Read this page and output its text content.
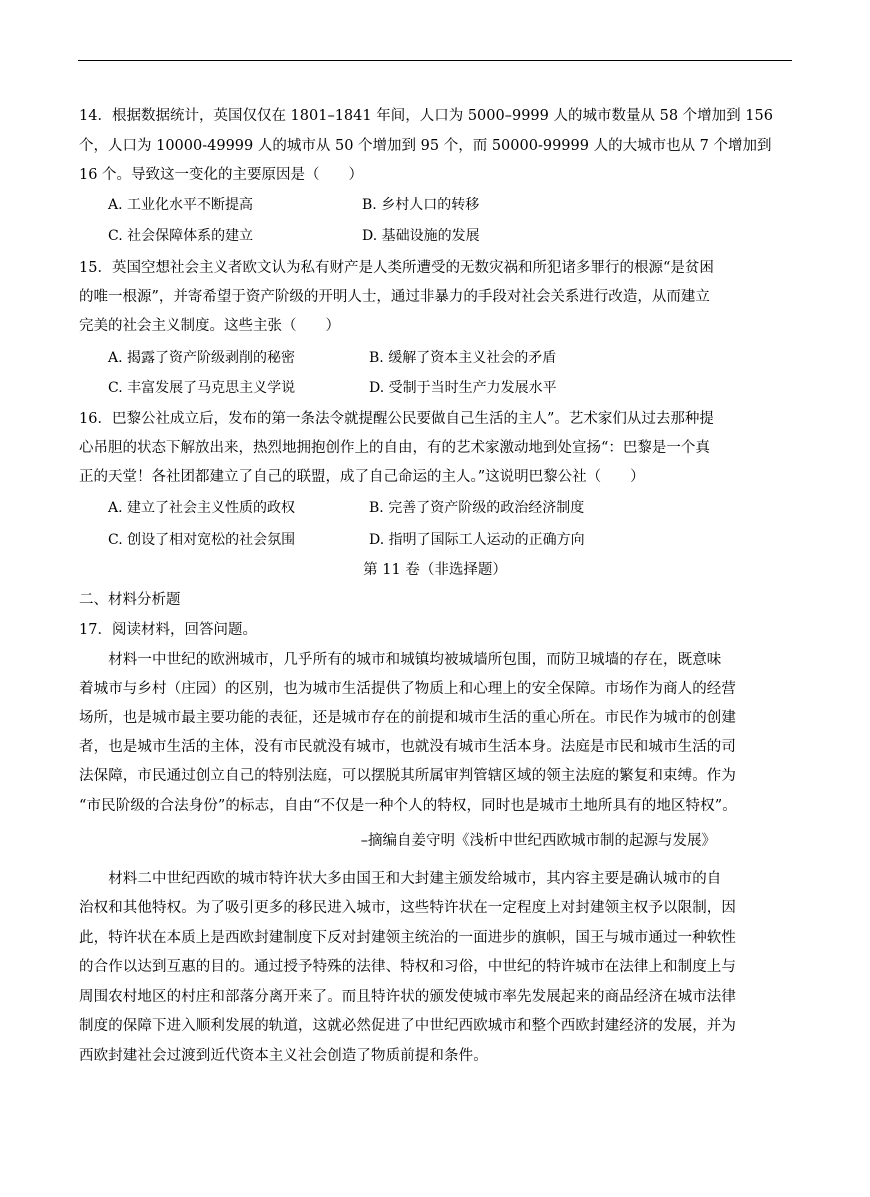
14．根据数据统计，英国仅仅在 1801–1841 年间，人口为 5000–9999 人的城市数量从 58 个增加到 156
个，人口为 10000-49999 人的城市从 50 个增加到 95 个，而 50000-99999 人的大城市也从 7 个增加到
16 个。导致这一变化的主要原因是（　　）
A. 工业化水平不断提高	B. 乡村人口的转移
C. 社会保障体系的建立	D. 基础设施的发展
15．英国空想社会主义者欧文认为私有财产是人类所遭受的无数灾祸和所犯诸多罪行的根源“是贫困
的唯一根源”，并寄希望于资产阶级的开明人士，通过非暴力的手段对社会关系进行改造，从而建立
完美的社会主义制度。这些主张（　　）
A. 揭露了资产阶级剥削的秘密	B. 缓解了资本主义社会的矛盾
C. 丰富发展了马克思主义学说	D. 受制于当时生产力发展水平
16．巴黎公社成立后，发布的第一条法令就提醒公民要做自己生活的主人”。艺术家们从过去那种提
心吊胆的状态下解放出来，热烈地拥抱创作上的自由，有的艺术家激动地到处宣扬“：巴黎是一个真
正的天堂！各社团都建立了自己的联盟，成了自己命运的主人。”这说明巴黎公社（　　）
A. 建立了社会主义性质的政权	B. 完善了资产阶级的政治经济制度
C. 创设了相对宽松的社会氛围	D. 指明了国际工人运动的正确方向
第 11 卷（非选择题）
二、材料分析题
17．阅读材料，回答问题。
　　材料一中世纪的欧洲城市，几乎所有的城市和城镇均被城墙所包围，而防卫城墙的存在，既意味
着城市与乡村（庄园）的区别，也为城市生活提供了物质上和心理上的安全保障。市场作为商人的经营
场所，也是城市最主要功能的表征，还是城市存在的前提和城市生活的重心所在。市民作为城市的创建
者，也是城市生活的主体，没有市民就没有城市，也就没有城市生活本身。法庭是市民和城市生活的司
法保障，市民通过创立自己的特别法庭，可以摆脱其所属审判管辖区域的领主法庭的繁复和束缚。作为
“市民阶级的合法身份”的标志，自由“不仅是一种个人的特权，同时也是城市土地所具有的地区特权”。
–摘编自姜守明《浅析中世纪西欧城市制的起源与发展》
　　材料二中世纪西欧的城市特许状大多由国王和大封建主颁发给城市，其内容主要是确认城市的自
治权和其他特权。为了吸引更多的移民进入城市，这些特许状在一定程度上对封建领主权予以限制，因
此，特许状在本质上是西欧封建制度下反对封建领主统治的一面进步的旗帜，国王与城市通过一种软性
的合作以达到互惠的目的。通过授予特殊的法律、特权和习俗，中世纪的特许城市在法律上和制度上与
周围农村地区的村庄和部落分离开来了。而且特许状的颁发使城市率先发展起来的商品经济在城市法律
制度的保障下进入顺利发展的轨道，这就必然促进了中世纪西欧城市和整个西欧封建经济的发展，并为
西欧封建社会过渡到近代资本主义社会创造了物质前提和条件。
